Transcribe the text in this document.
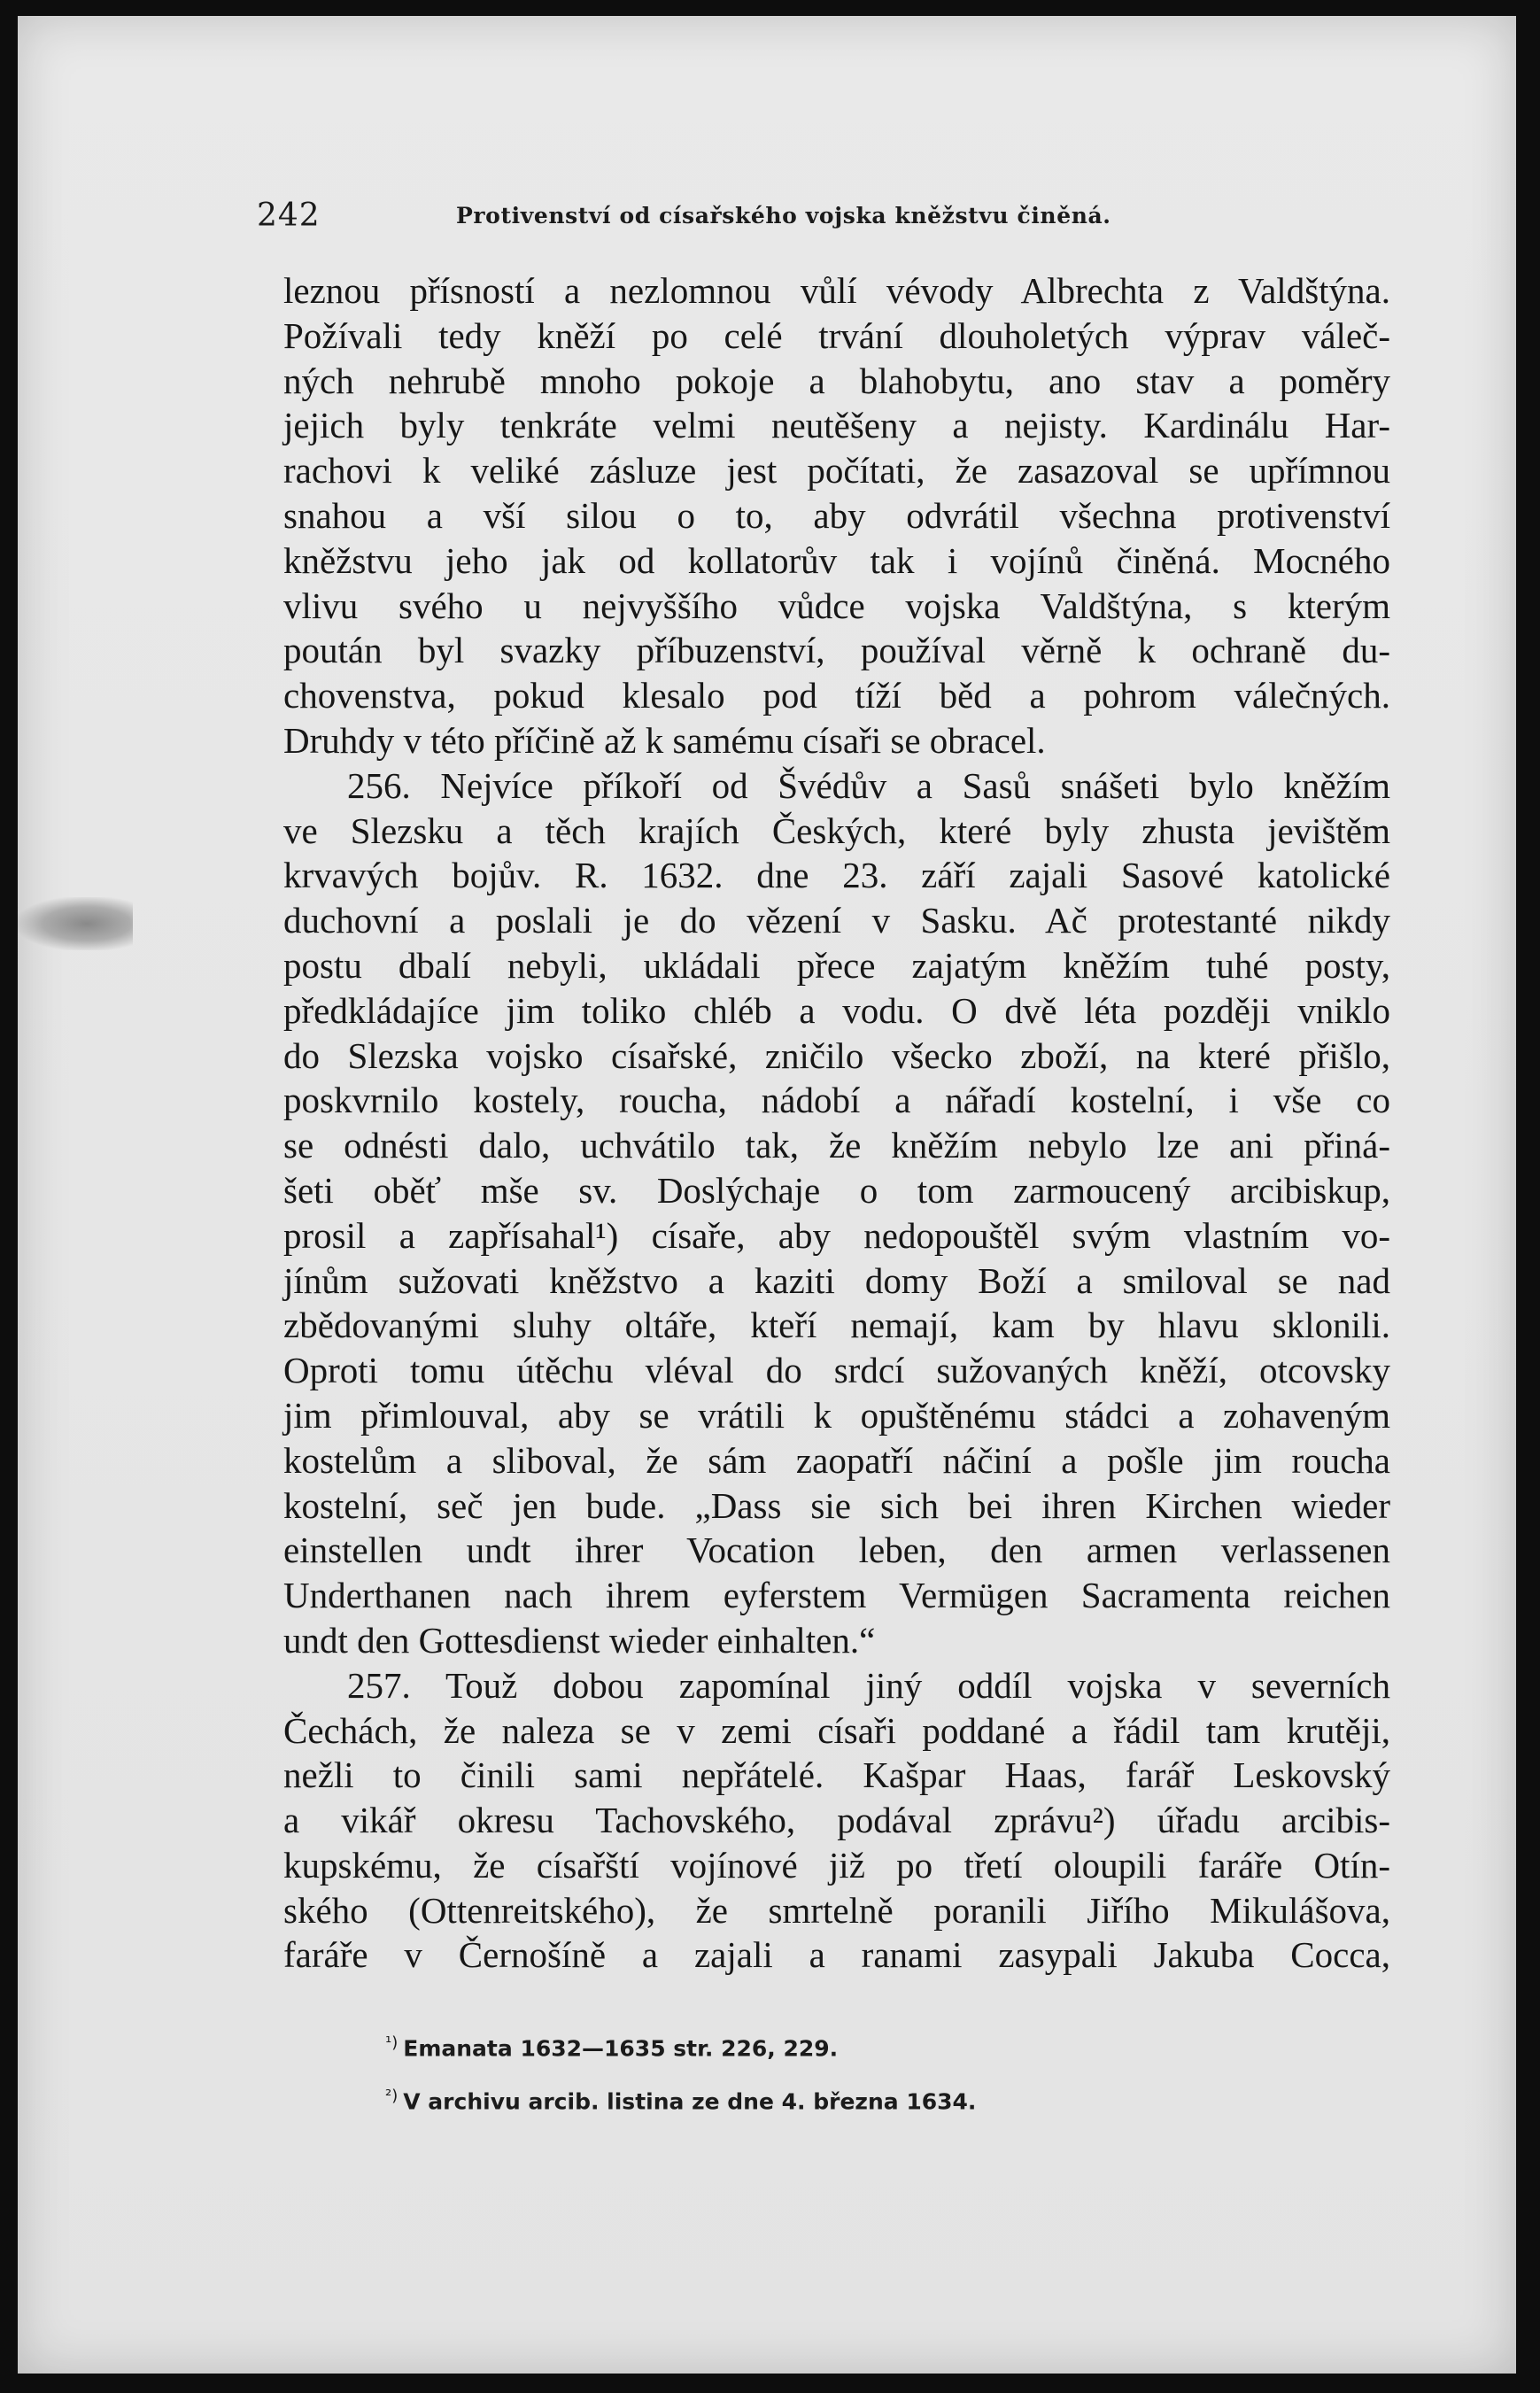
242	Protivenství od císařského vojska kněžstvu činěná.
leznou přísností a nezlomnou vůlí vévody Albrechta z Valdštýna.
Požívali tedy kněží po celé trvání dlouholetých výprav váleč-
ných nehrubě mnoho pokoje a blahobytu, ano stav a poměry
jejich byly tenkráte velmi neutěšeny a nejisty. Kardinálu Har-
rachovi k veliké zásluze jest počítati, že zasazoval se upřímnou
snahou a vší silou o to, aby odvrátil všechna protivenství
kněžstvu jeho jak od kollatorův tak i vojínů činěná. Mocného
vlivu svého u nejvyššího vůdce vojska Valdštýna, s kterým
poután byl svazky příbuzenství, používal věrně k ochraně du-
chovenstva, pokud klesalo pod tíží běd a pohrom válečných.
Druhdy v této příčině až k samému císaři se obracel.
256. Nejvíce příkoří od Švédův a Sasů snášeti bylo kněžím
ve Slezsku a těch krajích Českých, které byly zhusta jevištěm
krvavých bojův. R. 1632. dne 23. září zajali Sasové katolické
duchovní a poslali je do vězení v Sasku. Ač protestanté nikdy
postu dbalí nebyli, ukládali přece zajatým kněžím tuhé posty,
předkládajíce jim toliko chléb a vodu. O dvě léta později vniklo
do Slezska vojsko císařské, zničilo všecko zboží, na které přišlo,
poskvrnilo kostely, roucha, nádobí a nářadí kostelní, i vše co
se odnésti dalo, uchvátilo tak, že kněžím nebylo lze ani přiná-
šeti oběť mše sv. Doslýchaje o tom zarmoucený arcibiskup,
prosil a zapřísahal¹) císaře, aby nedopouštěl svým vlastním vo-
jínům sužovati kněžstvo a kaziti domy Boží a smiloval se nad
zbědovanými sluhy oltáře, kteří nemají, kam by hlavu sklonili.
Oproti tomu útěchu vléval do srdcí sužovaných kněží, otcovsky
jim přimlouval, aby se vrátili k opuštěnému stádci a zohaveným
kostelům a sliboval, že sám zaopatří náčiní a pošle jim roucha
kostelní, seč jen bude. „Dass sie sich bei ihren Kirchen wieder
einstellen undt ihrer Vocation leben, den armen verlassenen
Underthanen nach ihrem eyferstem Vermügen Sacramenta reichen
undt den Gottesdienst wieder einhalten.“
257. Touž dobou zapomínal jiný oddíl vojska v severních
Čechách, že naleza se v zemi císaři poddané a řádil tam krutěji,
nežli to činili sami nepřátelé. Kašpar Haas, farář Leskovský
a vikář okresu Tachovského, podával zprávu²) úřadu arcibis-
kupskému, že císařští vojínové již po třetí oloupili faráře Otín-
ského (Ottenreitského), že smrtelně poranili Jiřího Mikulášova,
faráře v Černošíně a zajali a ranami zasypali Jakuba Cocca,
$^{^1)}$ Emanata 1632—1635 str. 226, 229.
$^{^2)}$ V archivu arcib. listina ze dne 4. března 1634.
